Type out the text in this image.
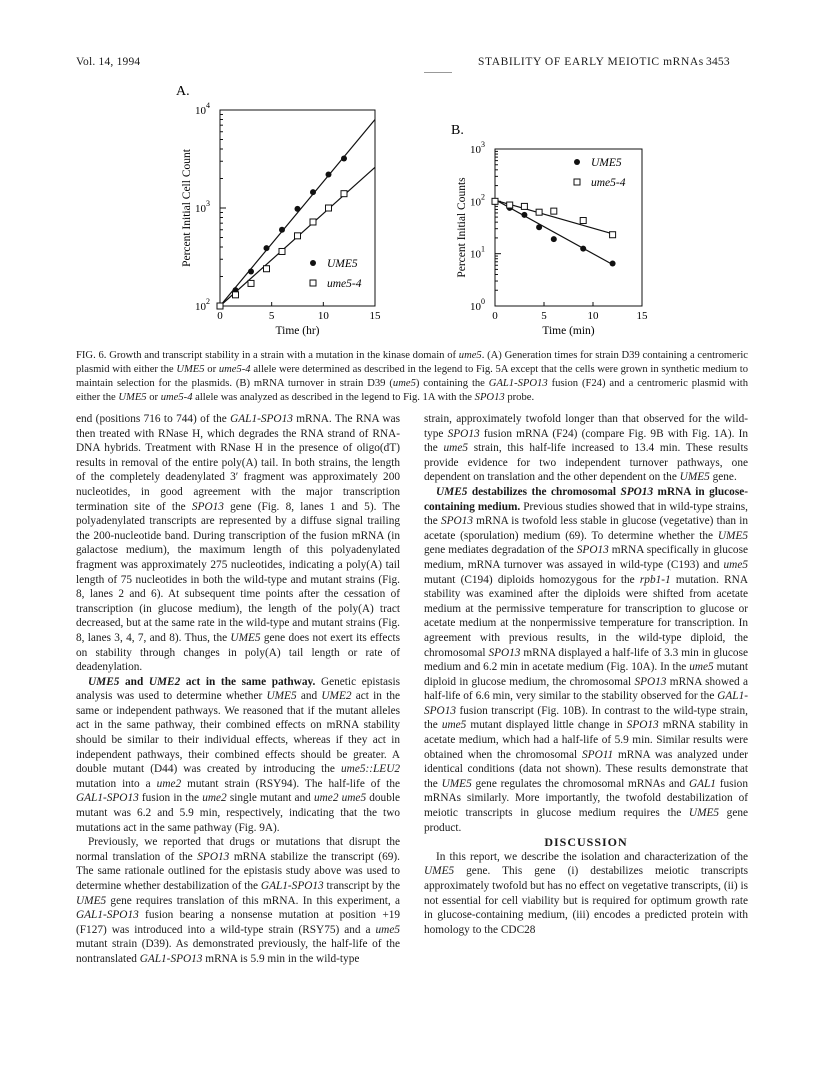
Vol. 14, 1994	STABILITY OF EARLY MEIOTIC mRNAs 3453
A.
0	5	10	15
$10^2$
$10^3$
$10^4$
Time (hr)
Percent Initial Cell Count	UME5
ume5-4
B.
0	5	10	15
$10^0$
$10^1$
$10^2$
$10^3$
Time (min)
Percent Initial Counts
UME5
ume5-4
FIG. 6. Growth and transcript stability in a strain with a mutation in the kinase domain of ume5. (A) Generation times for strain D39 containing a centromeric plasmid with either the UME5 or ume5-4 allele were determined as described in the legend to Fig. 5A except that the cells were grown in synthetic medium to maintain selection for the plasmids. (B) mRNA turnover in strain D39 (ume5) containing the GAL1-SPO13 fusion (F24) and a centromeric plasmid with either the UME5 or ume5-4 allele was analyzed as described in the legend to Fig. 1A with the SPO13 probe.

end (positions 716 to 744) of the GAL1-SPO13 mRNA. The RNA was then treated with RNase H, which degrades the RNA strand of RNA-DNA hybrids. Treatment with RNase H in the presence of oligo(dT) results in removal of the entire poly(A) tail. In both strains, the length of the completely deadenylated 3′ fragment was approximately 200 nucleotides, in good agreement with the major transcription termination site of the SPO13 gene (Fig. 8, lanes 1 and 5). The polyadenylated transcripts are represented by a diffuse signal trailing the 200-nucleotide band. During transcription of the fusion mRNA (in galactose medium), the maximum length of this polyadenylated fragment was approximately 275 nucleotides, indicating a poly(A) tail length of 75 nucleotides in both the wild-type and mutant strains (Fig. 8, lanes 2 and 6). At subsequent time points after the cessation of transcription (in glucose medium), the length of the poly(A) tract decreased, but at the same rate in the wild-type and mutant strains (Fig. 8, lanes 3, 4, 7, and 8). Thus, the UME5 gene does not exert its effects on stability through changes in poly(A) tail length or rate of deadenylation.

UME5 and UME2 act in the same pathway. Genetic epistasis analysis was used to determine whether UME5 and UME2 act in the same or independent pathways. We reasoned that if the mutant alleles act in the same pathway, their combined effects on mRNA stability should be similar to their individual effects, whereas if they act in independent pathways, their combined effects should be greater. A double mutant (D44) was created by introducing the ume5::LEU2 mutation into a ume2 mutant strain (RSY94). The half-life of the GAL1-SPO13 fusion in the ume2 single mutant and ume2 ume5 double mutant was 6.2 and 5.9 min, respectively, indicating that the two mutations act in the same pathway (Fig. 9A).

Previously, we reported that drugs or mutations that disrupt the normal translation of the SPO13 mRNA stabilize the transcript (69). The same rationale outlined for the epistasis study above was used to determine whether destabilization of the GAL1-SPO13 transcript by the UME5 gene requires translation of this mRNA. In this experiment, a GAL1-SPO13 fusion bearing a nonsense mutation at position +19 (F127) was introduced into a wild-type strain (RSY75) and a ume5 mutant strain (D39). As demonstrated previously, the half-life of the nontranslated GAL1-SPO13 mRNA is 5.9 min in the wild-type

strain, approximately twofold longer than that observed for the wild-type SPO13 fusion mRNA (F24) (compare Fig. 9B with Fig. 1A). In the ume5 strain, this half-life increased to 13.4 min. These results provide evidence for two independent turnover pathways, one dependent on translation and the other dependent on the UME5 gene.

UME5 destabilizes the chromosomal SPO13 mRNA in glucose-containing medium. Previous studies showed that in wild-type strains, the SPO13 mRNA is twofold less stable in glucose (vegetative) than in acetate (sporulation) medium (69). To determine whether the UME5 gene mediates degradation of the SPO13 mRNA specifically in glucose medium, mRNA turnover was assayed in wild-type (C193) and ume5 mutant (C194) diploids homozygous for the rpb1-1 mutation. RNA stability was examined after the diploids were shifted from acetate medium at the permissive temperature for transcription to glucose or acetate medium at the nonpermissive temperature for transcription. In agreement with previous results, in the wild-type diploid, the chromosomal SPO13 mRNA displayed a half-life of 3.3 min in glucose medium and 6.2 min in acetate medium (Fig. 10A). In the ume5 mutant diploid in glucose medium, the chromosomal SPO13 mRNA showed a half-life of 6.6 min, very similar to the stability observed for the GAL1-SPO13 fusion transcript (Fig. 10B). In contrast to the wild-type strain, the ume5 mutant displayed little change in SPO13 mRNA stability in acetate medium, which had a half-life of 5.9 min. Similar results were obtained when the chromosomal SPO11 mRNA was analyzed under identical conditions (data not shown). These results demonstrate that the UME5 gene regulates the chromosomal mRNAs and GAL1 fusion mRNAs similarly. More importantly, the twofold destabilization of meiotic transcripts in glucose medium requires the UME5 gene product.

DISCUSSION

In this report, we describe the isolation and characterization of the UME5 gene. This gene (i) destabilizes meiotic transcripts approximately twofold but has no effect on vegetative transcripts, (ii) is not essential for cell viability but is required for optimum growth rate in glucose-containing medium, (iii) encodes a predicted protein with homology to the CDC28
